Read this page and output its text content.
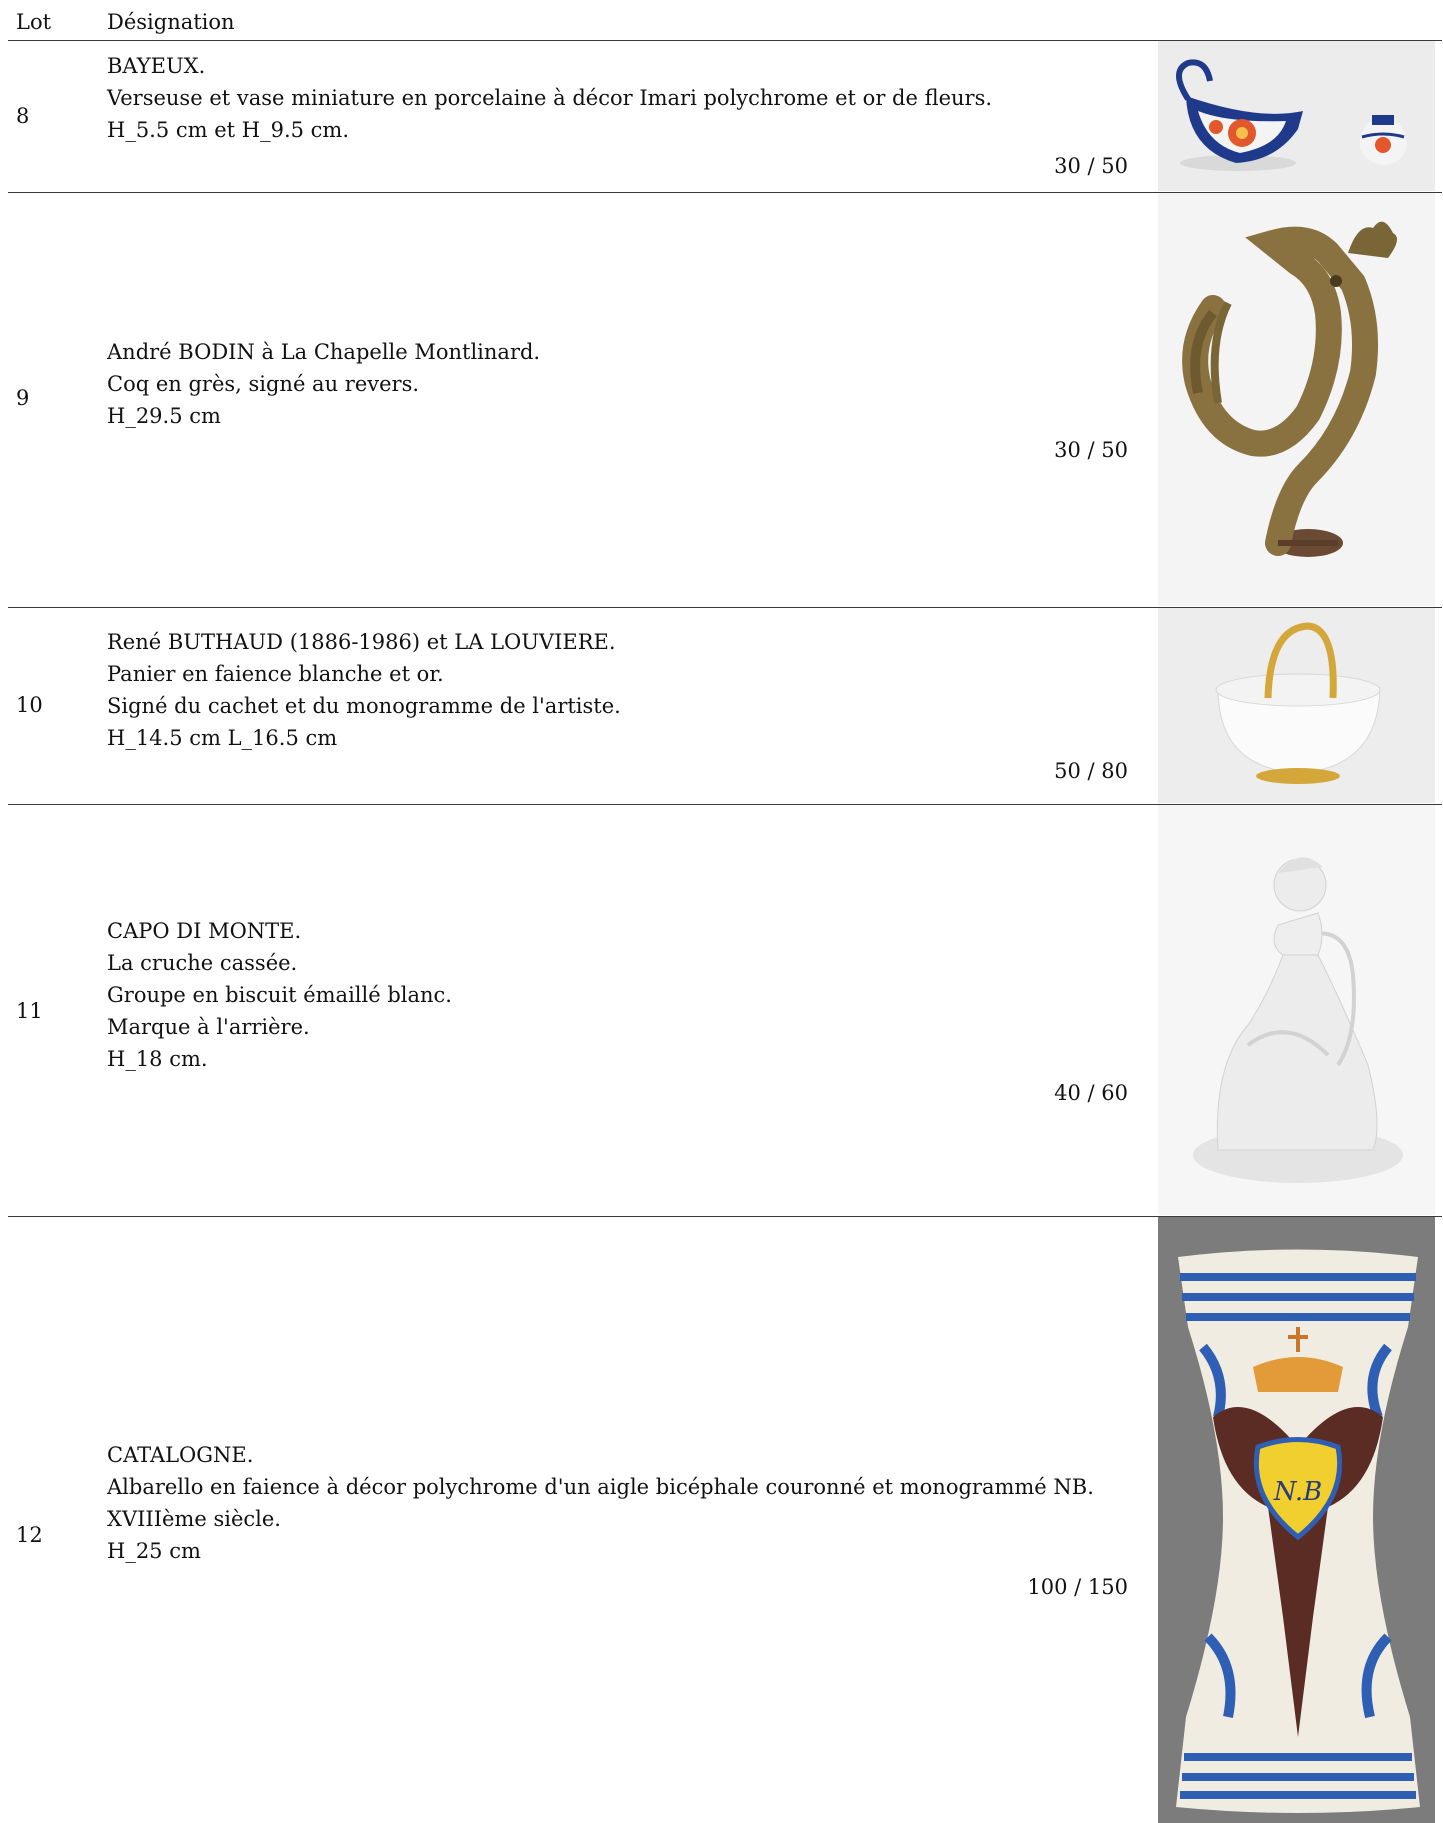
Lot	Désignation
8
BAYEUX.
Verseuse et vase miniature en porcelaine à décor Imari polychrome et or de fleurs.
H_5.5 cm et H_9.5 cm.
30 / 50
9
André BODIN à La Chapelle Montlinard.
Coq en grès, signé au revers.
H_29.5 cm
30 / 50
10
René BUTHAUD (1886-1986) et LA LOUVIERE.
Panier en faience blanche et or.
Signé du cachet et du monogramme de l'artiste.
H_14.5 cm L_16.5 cm
50 / 80
11
CAPO DI MONTE.
La cruche cassée.
Groupe en biscuit émaillé blanc.
Marque à l'arrière.
H_18 cm.
40 / 60
12
CATALOGNE.
Albarello en faience à décor polychrome d'un aigle bicéphale couronné et monogrammé NB.
XVIIIème siècle.
H_25 cm
100 / 150
N.B
